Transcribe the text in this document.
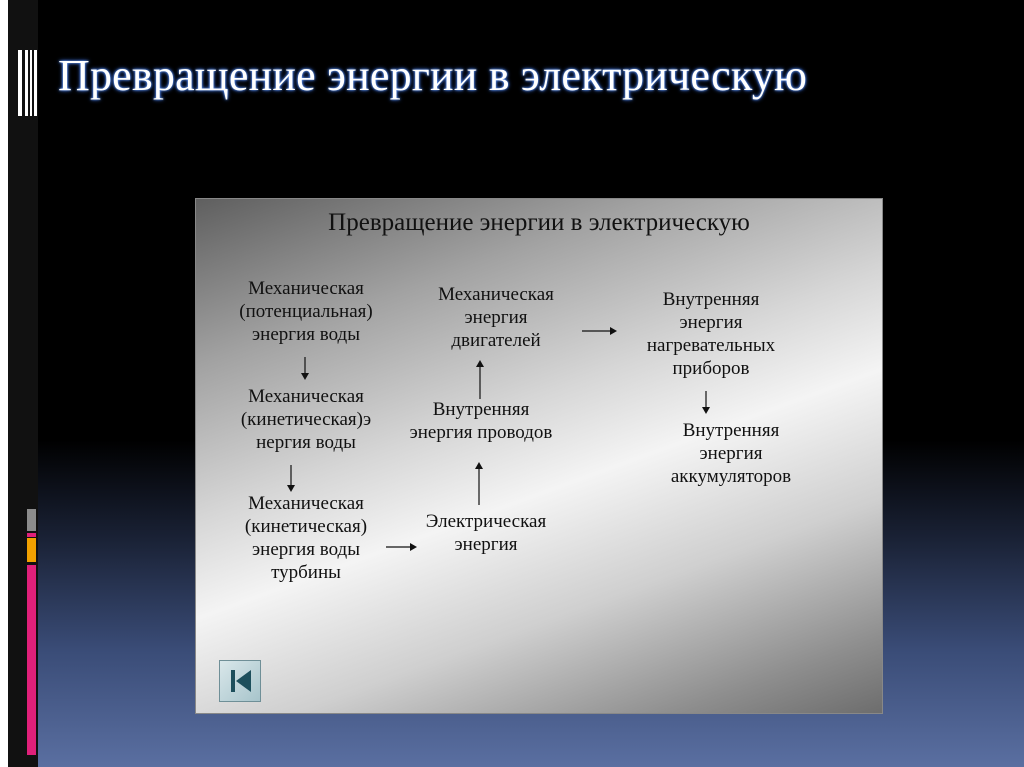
Превращение энергии в электрическую
Превращение энергии в электрическую
Механическая
(потенциальная)
энергия воды
Механическая
(кинетическая)э
нергия воды
Механическая
(кинетическая)
энергия воды
турбины
Электрическая
энергия
Внутренняя
энергия проводов
Механическая
энергия
двигателей
Внутренняя
энергия
нагревательных
приборов
Внутренняя
энергия
аккумуляторов
